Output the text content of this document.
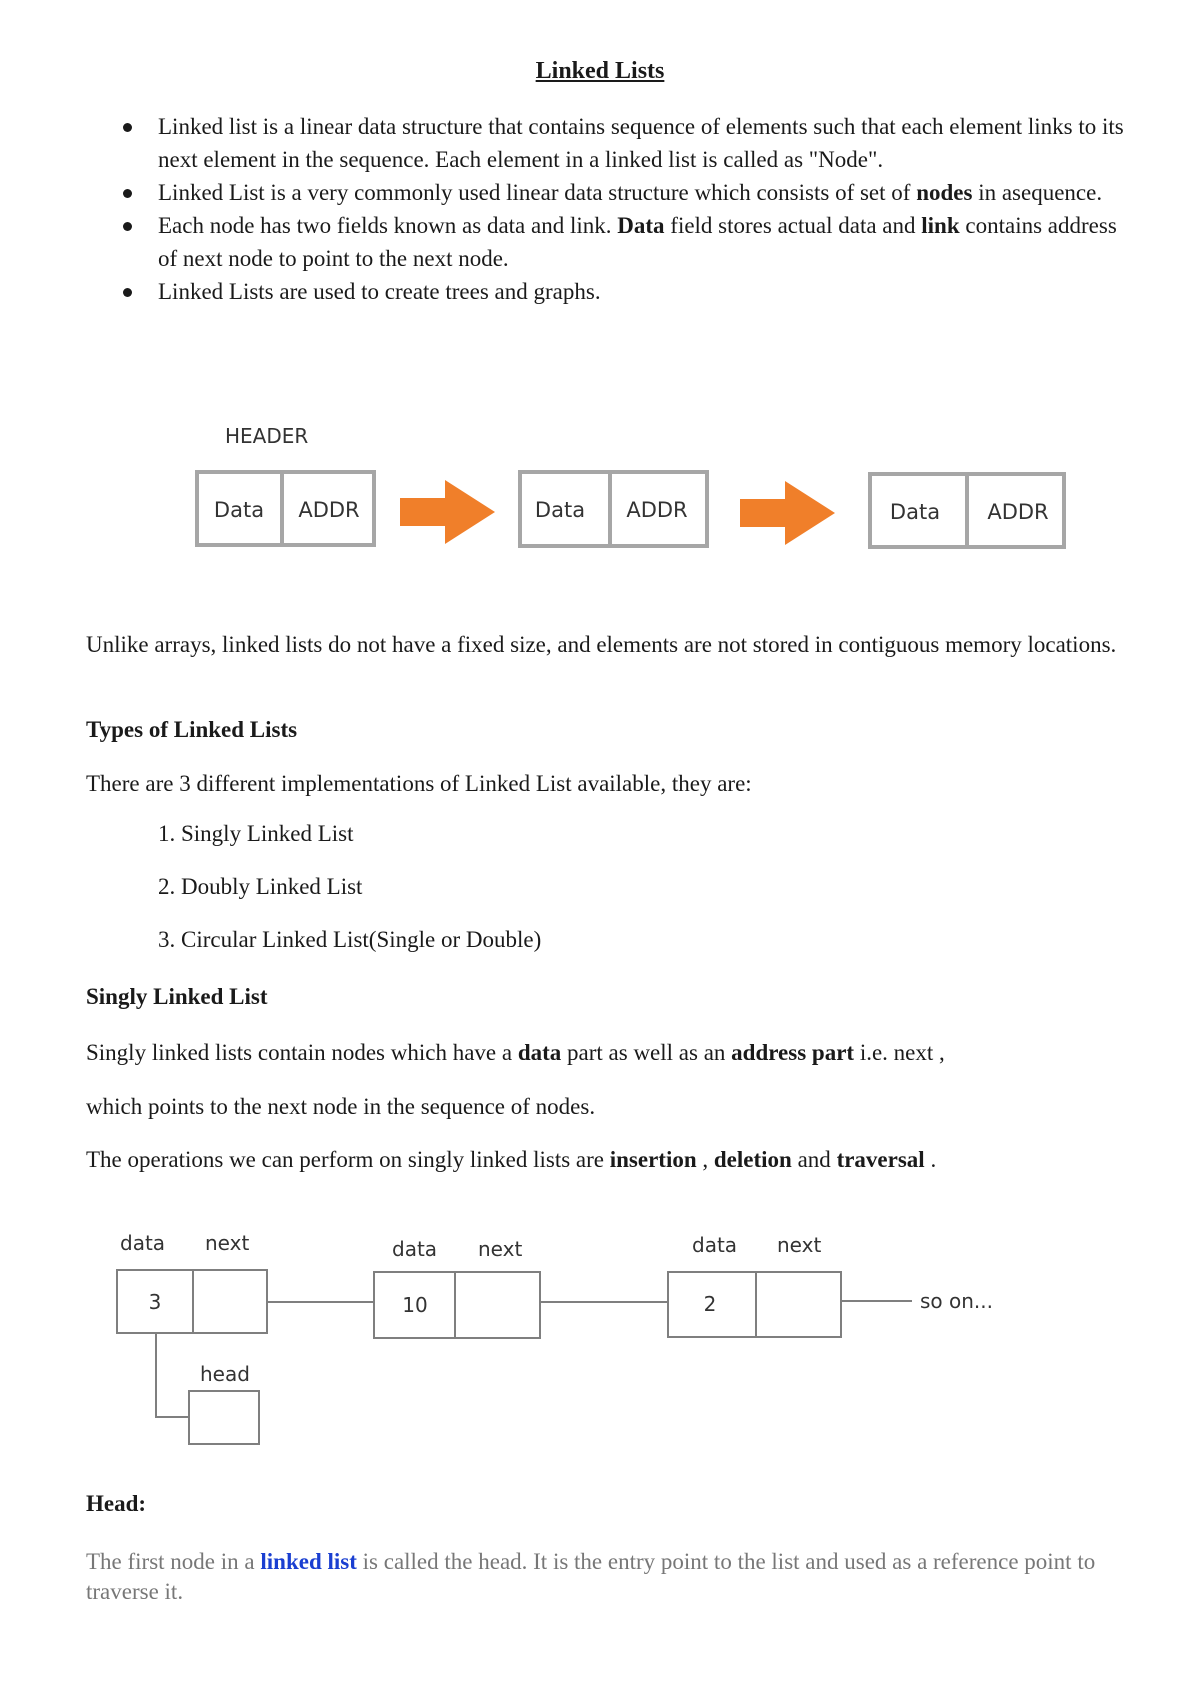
Linked Lists
Linked list is a linear data structure that contains sequence of elements such that each element links to its next element in the sequence. Each element in a linked list is called as "Node".
Linked List is a very commonly used linear data structure which consists of set of nodes in asequence.
Each node has two fields known as data and link. Data field stores actual data and link contains address of next node to point to the next node.
Linked Lists are used to create trees and graphs.
HEADER
Data ADDR	Data ADDR	Data ADDR

Unlike arrays, linked lists do not have a fixed size, and elements are not stored in contiguous memory locations.

Types of Linked Lists
There are 3 different implementations of Linked List available, they are:
1. Singly Linked List
2. Doubly Linked List
3. Circular Linked List(Single or Double)
Singly Linked List
Singly linked lists contain nodes which have a data part as well as an address part i.e. next ,
which points to the next node in the sequence of nodes.
The operations we can perform on singly linked lists are insertion , deletion and traversal .
data next	data next	data next
3	10	2	so on...
head
Head:
The first node in a linked list is called the head. It is the entry point to the list and used as a reference point to traverse it.
